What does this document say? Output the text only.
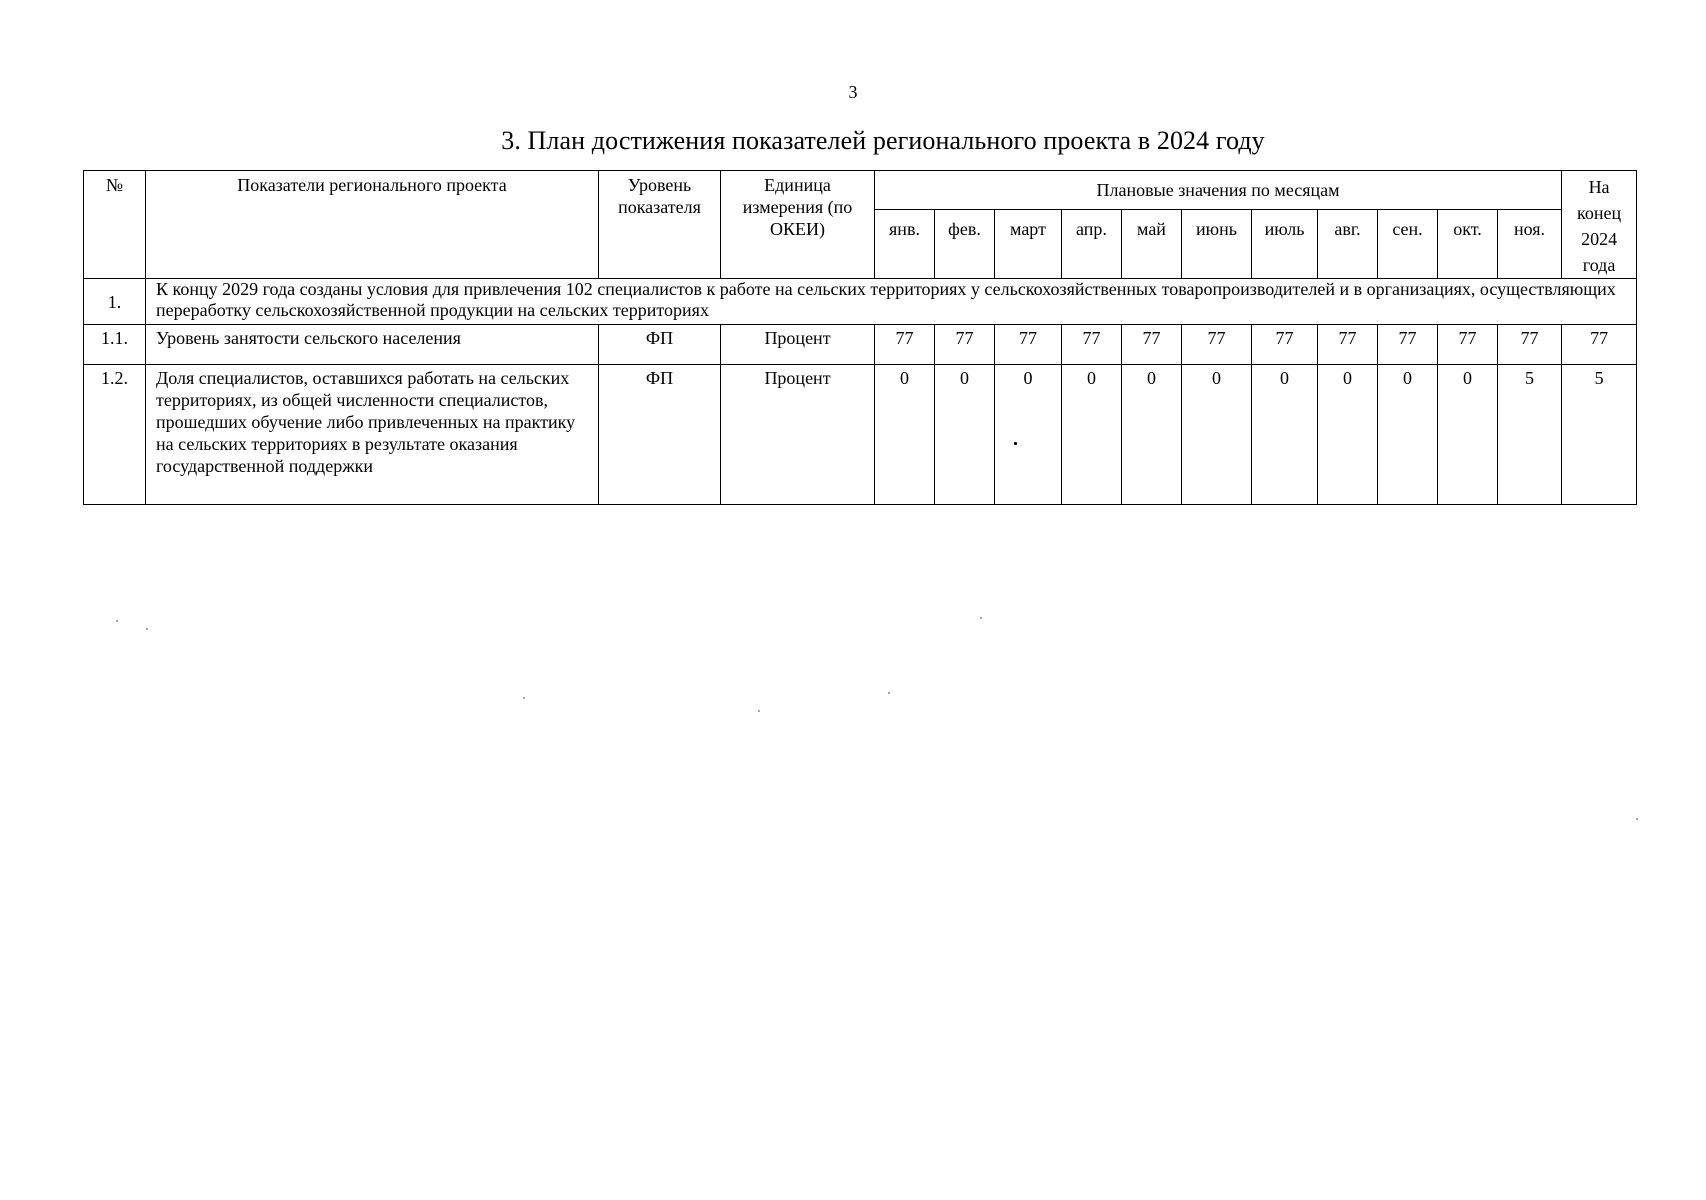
3
3. План достижения показателей регионального проекта в 2024 году
№	Показатели регионального проекта	Уровень показателя	Единица измерения (по ОКЕИ)	Плановые значения по месяцам											На конец 2024 года
				янв.	фев.	март	апр.	май	июнь	июль	авг.	сен.	окт.	ноя.	
1.	К концу 2029 года созданы условия для привлечения 102 специалистов к работе на сельских территориях у сельскохозяйственных товаропроизводителей и в организациях, осуществляющих переработку сельскохозяйственной продукции на сельских территориях														
1.1.	Уровень занятости сельского населения	ФП	Процент	77	77	77	77	77	77	77	77	77	77	77	77
1.2.	Доля специалистов, оставшихся работать на сельских территориях, из общей численности специалистов, прошедших обучение либо привлеченных на практику на сельских территориях в результате оказания государственной поддержки	ФП	Процент	0	0	0	0	0	0	0	0	0	0	5	5
